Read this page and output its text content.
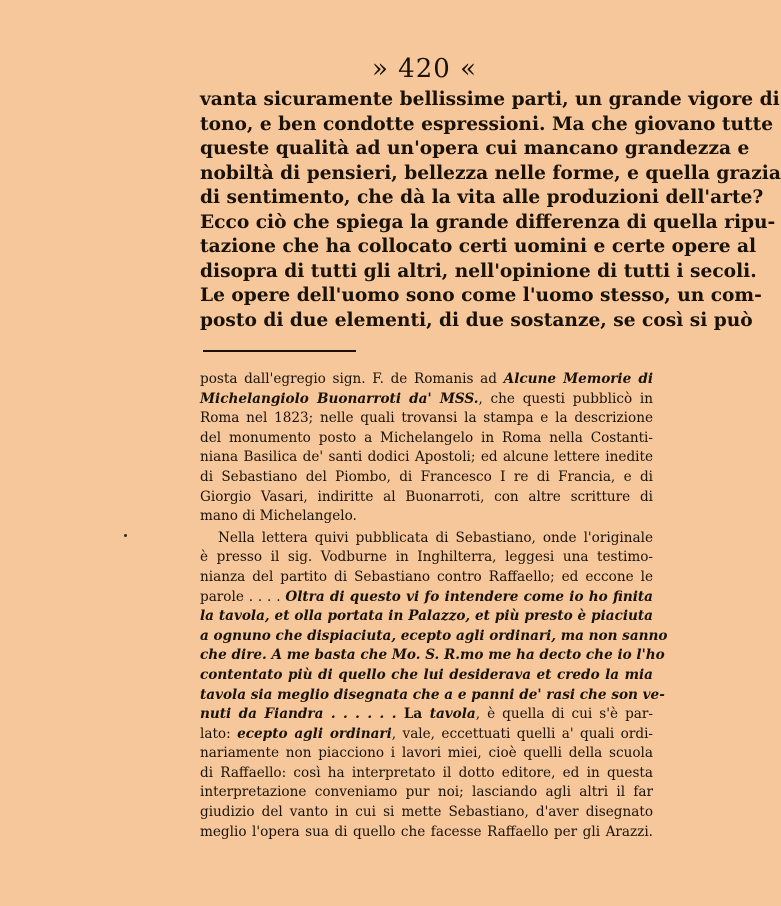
» 420 «
vanta sicuramente bellissime parti, un grande vigore di
tono, e ben condotte espressioni. Ma che giovano tutte
queste qualità ad un'opera cui mancano grandezza e
nobiltà di pensieri, bellezza nelle forme, e quella grazia
di sentimento, che dà la vita alle produzioni dell'arte?
Ecco ciò che spiega la grande differenza di quella ripu-
tazione che ha collocato certi uomini e certe opere al
disopra di tutti gli altri, nell'opinione di tutti i secoli.
Le opere dell'uomo sono come l'uomo stesso, un com-
posto di due elementi, di due sostanze, se così si può
posta dall'egregio sign. F. de Romanis ad Alcune Memorie di
Michelangiolo Buonarroti da' MSS., che questi pubblicò in
Roma nel 1823; nelle quali trovansi la stampa e la descrizione
del monumento posto a Michelangelo in Roma nella Costanti-
niana Basilica de' santi dodici Apostoli; ed alcune lettere inedite
di Sebastiano del Piombo, di Francesco I re di Francia, e di
Giorgio Vasari, indiritte al Buonarroti, con altre scritture di
mano di Michelangelo.
Nella lettera quivi pubblicata di Sebastiano, onde l'originale
è presso il sig. Vodburne in Inghilterra, leggesi una testimo-
nianza del partito di Sebastiano contro Raffaello; ed eccone le
parole . . . . Oltra di questo vi fo intendere come io ho finita
la tavola, et olla portata in Palazzo, et più presto è piaciuta
a ognuno che dispiaciuta, ecepto agli ordinari, ma non sanno
che dire. A me basta che Mo. S. R.mo me ha decto che io l'ho
contentato più di quello che lui desiderava et credo la mia
tavola sia meglio disegnata che a e panni de' rasi che son ve-
nuti da Fiandra . . . . . . La tavola, è quella di cui s'è par-
lato: ecepto agli ordinari, vale, eccettuati quelli a' quali ordi-
nariamente non piacciono i lavori miei, cioè quelli della scuola
di Raffaello: così ha interpretato il dotto editore, ed in questa
interpretazione conveniamo pur noi; lasciando agli altri il far
giudizio del vanto in cui si mette Sebastiano, d'aver disegnato
meglio l'opera sua di quello che facesse Raffaello per gli Arazzi.
